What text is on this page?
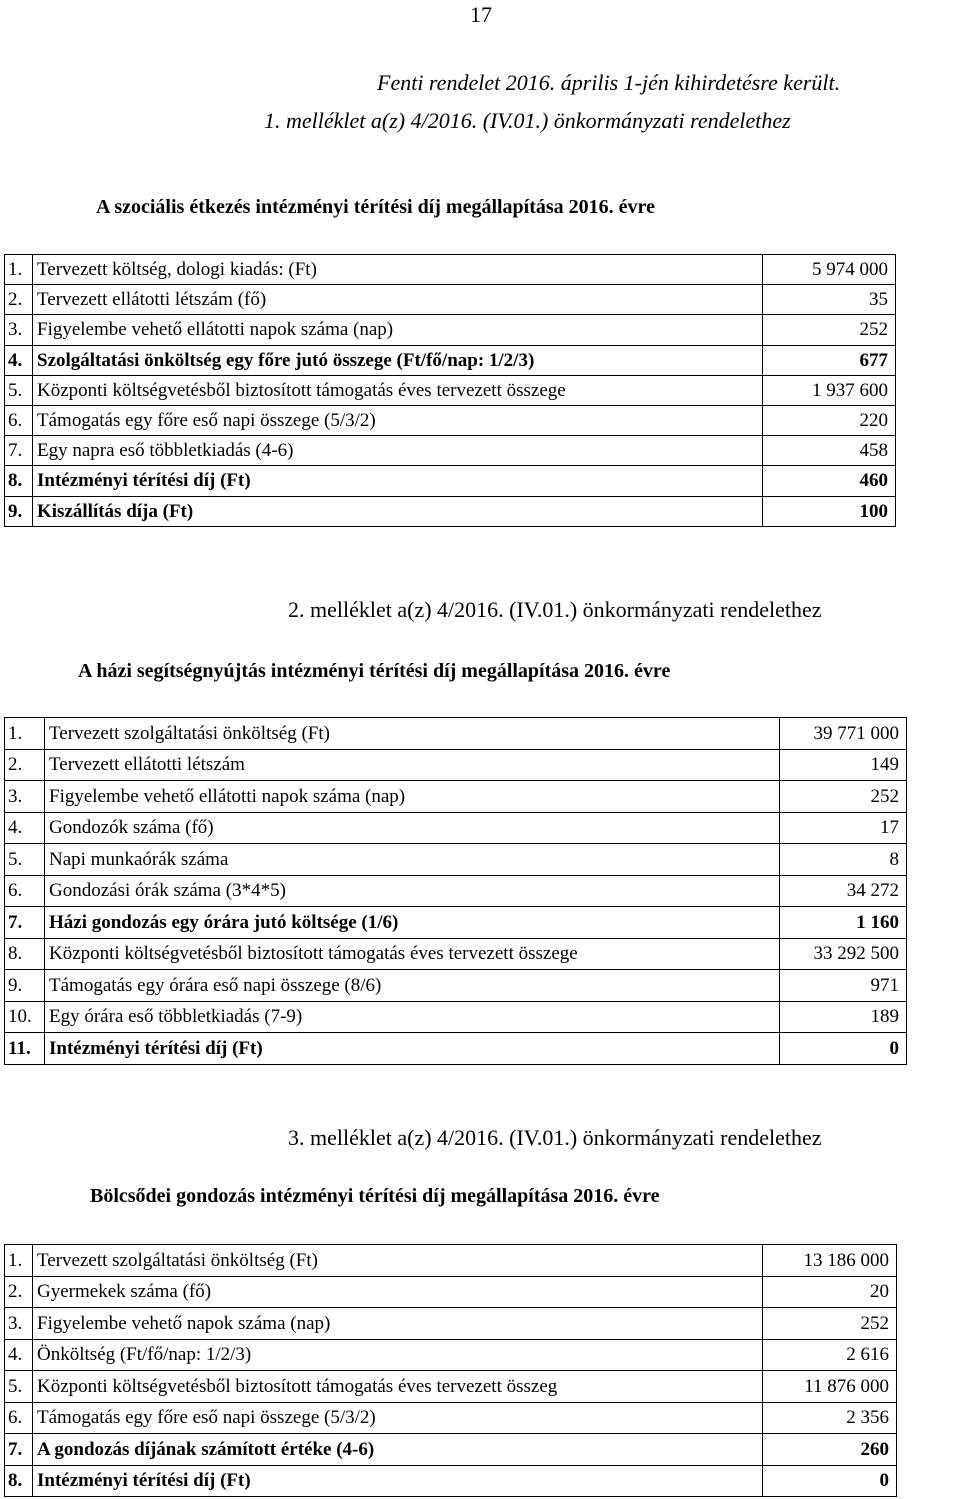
17
Fenti rendelet 2016. április 1-jén kihirdetésre került.
1. melléklet a(z) 4/2016. (IV.01.) önkormányzati rendelethez
A szociális étkezés intézményi térítési díj megállapítása 2016. évre
1.	Tervezett költség, dologi kiadás: (Ft)	5 974 000
2.	Tervezett ellátotti létszám (fő)	35
3.	Figyelembe vehető ellátotti napok száma (nap)	252
4.	Szolgáltatási önköltség egy főre jutó összege (Ft/fő/nap: 1/2/3)	677
5.	Központi költségvetésből biztosított támogatás éves tervezett összege	1 937 600
6.	Támogatás egy főre eső napi összege (5/3/2)	220
7.	Egy napra eső többletkiadás (4-6)	458
8.	Intézményi térítési díj (Ft)	460
9.	Kiszállítás díja (Ft)	100
2. melléklet a(z) 4/2016. (IV.01.) önkormányzati rendelethez
A házi segítségnyújtás intézményi térítési díj megállapítása 2016. évre
1.	Tervezett szolgáltatási önköltség (Ft)	39 771 000
2.	Tervezett ellátotti létszám	149
3.	Figyelembe vehető ellátotti napok száma (nap)	252
4.	Gondozók száma (fő)	17
5.	Napi munkaórák száma	8
6.	Gondozási órák száma (3*4*5)	34 272
7.	Házi gondozás egy órára jutó költsége (1/6)	1 160
8.	Központi költségvetésből biztosított támogatás éves tervezett összege	33 292 500
9.	Támogatás egy órára eső napi összege (8/6)	971
10.	Egy órára eső többletkiadás (7-9)	189
11.	Intézményi térítési díj (Ft)	0
3. melléklet a(z) 4/2016. (IV.01.) önkormányzati rendelethez
Bölcsődei gondozás intézményi térítési díj megállapítása 2016. évre
1.	Tervezett szolgáltatási önköltség (Ft)	13 186 000
2.	Gyermekek száma (fő)	20
3.	Figyelembe vehető napok száma (nap)	252
4.	Önköltség (Ft/fő/nap: 1/2/3)	2 616
5.	Központi költségvetésből biztosított támogatás éves tervezett összeg	11 876 000
6.	Támogatás egy főre eső napi összege (5/3/2)	2 356
7.	A gondozás díjának számított értéke (4-6)	260
8.	Intézményi térítési díj (Ft)	0
